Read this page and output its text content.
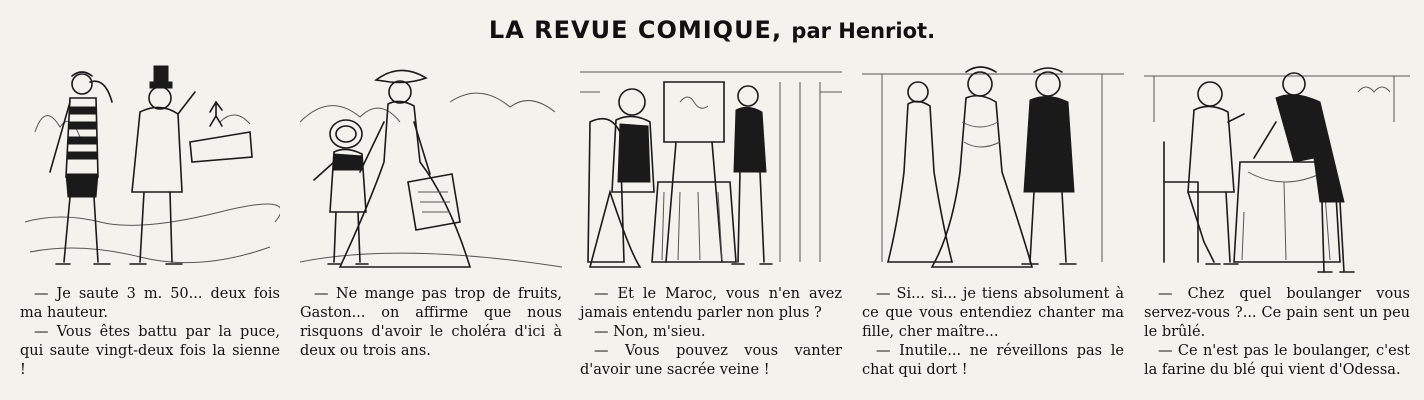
LA REVUE COMIQUE, par Henriot.

— Je saute 3 m. 50... deux fois ma hauteur.

— Vous êtes battu par la puce, qui saute vingt-deux fois la sienne !

— Ne mange pas trop de fruits, Gaston... on affirme que nous risquons d'avoir le choléra d'ici à deux ou trois ans.

— Et le Maroc, vous n'en avez jamais entendu parler non plus ?

— Non, m'sieu.

— Vous pouvez vous vanter d'avoir une sacrée veine !

— Si... si... je tiens absolument à ce que vous entendiez chanter ma fille, cher maître...

— Inutile... ne réveillons pas le chat qui dort !

— Chez quel boulanger vous servez-vous ?... Ce pain sent un peu le brûlé.

— Ce n'est pas le boulanger, c'est la farine du blé qui vient d'Odessa.
